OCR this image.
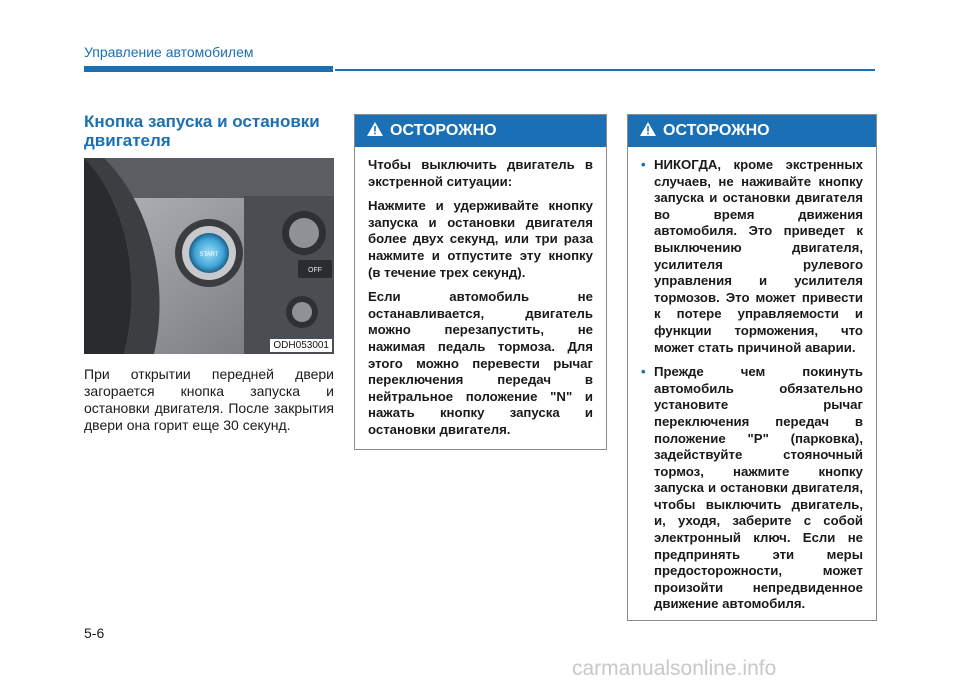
Управление автомобилем
Кнопка запуска и остановки
двигателя
START
OFF
ODH053001
При открытии передней двери загорается кнопка запуска и остановки двигателя. После закрытия двери она горит еще 30 секунд.
ОСТОРОЖНО

Чтобы выключить двигатель в экстренной ситуации:

Нажмите и удерживайте кнопку запуска и остановки двигателя более двух секунд, или три раза нажмите и отпустите эту кнопку (в течение трех секунд).

Если автомобиль не останавливается, двигатель можно перезапустить, не нажимая педаль тормоза. Для этого можно перевести рычаг переключения передач в нейтральное положение "N" и нажать кнопку запуска и остановки двигателя.

ОСТОРОЖНО
• НИКОГДА, кроме экстренных случаев, не наживайте кнопку запуска и остановки двигателя во время движения автомобиля. Это приведет к выключению двигателя, усилителя рулевого управления и усилителя тормозов. Это может привести к потере управляемости и функции торможения, что может стать причиной аварии.
• Прежде чем покинуть автомобиль обязательно установите рычаг переключения передач в положение "P" (парковка), задействуйте стояночный тормоз, нажмите кнопку запуска и остановки двигателя, чтобы выключить двигатель, и, уходя, заберите с собой электронный ключ. Если не предпринять эти меры предосторожности, может произойти непредвиденное движение автомобиля.
5-6
carmanualsonline.info
